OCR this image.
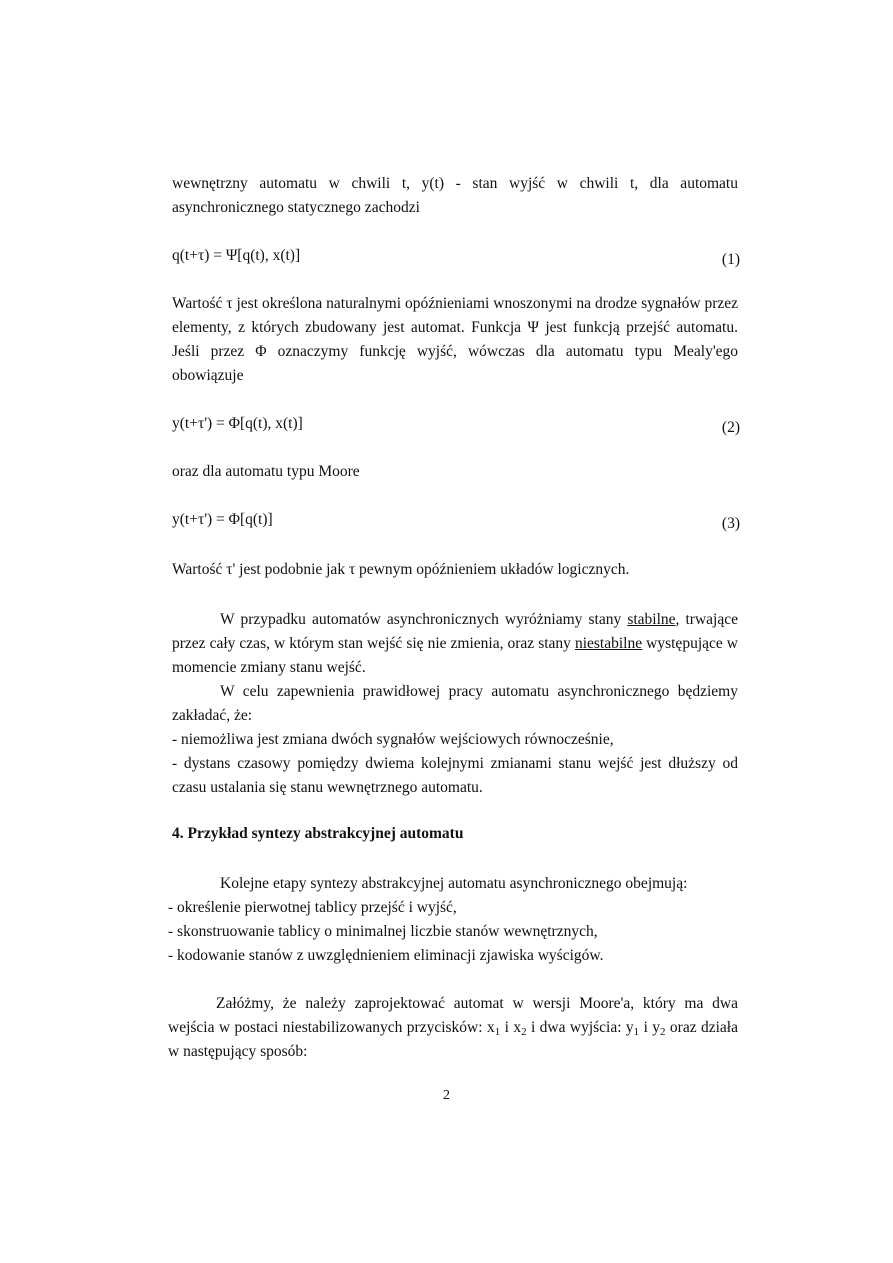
wewnętrzny automatu w chwili t, y(t) - stan wyjść w chwili t, dla automatu
asynchronicznego statycznego zachodzi

q(t+τ) = Ψ[q(t), x(t)]	(1)

Wartość τ jest określona naturalnymi opóźnieniami wnoszonymi na drodze sygnałów przez elementy, z których zbudowany jest automat. Funkcja Ψ jest funkcją przejść automatu. Jeśli przez Φ oznaczymy funkcję wyjść, wówczas dla automatu typu Mealy'ego obowiązuje

y(t+τ') = Φ[q(t), x(t)]	(2)

oraz dla automatu typu Moore

y(t+τ') = Φ[q(t)]	(3)

Wartość τ' jest podobnie jak τ pewnym opóźnieniem układów logicznych.

W przypadku automatów asynchronicznych wyróżniamy stany stabilne, trwające przez cały czas, w którym stan wejść się nie zmienia, oraz stany niestabilne występujące w momencie zmiany stanu wejść.

W celu zapewnienia prawidłowej pracy automatu asynchronicznego będziemy zakładać, że:

- niemożliwa jest zmiana dwóch sygnałów wejściowych równocześnie,

- dystans czasowy pomiędzy dwiema kolejnymi zmianami stanu wejść jest dłuższy od czasu ustalania się stanu wewnętrznego automatu.

4. Przykład syntezy abstrakcyjnej automatu

Kolejne etapy syntezy abstrakcyjnej automatu asynchronicznego obejmują:

- określenie pierwotnej tablicy przejść i wyjść,

- skonstruowanie tablicy o minimalnej liczbie stanów wewnętrznych,

- kodowanie stanów z uwzględnieniem eliminacji zjawiska wyścigów.

Załóżmy, że należy zaprojektować automat w wersji Moore'a, który ma dwa wejścia w postaci niestabilizowanych przycisków: $x_1$ i $x_2$ i dwa wyjścia: $y_1$ i $y_2$ oraz działa w następujący sposób:

2
